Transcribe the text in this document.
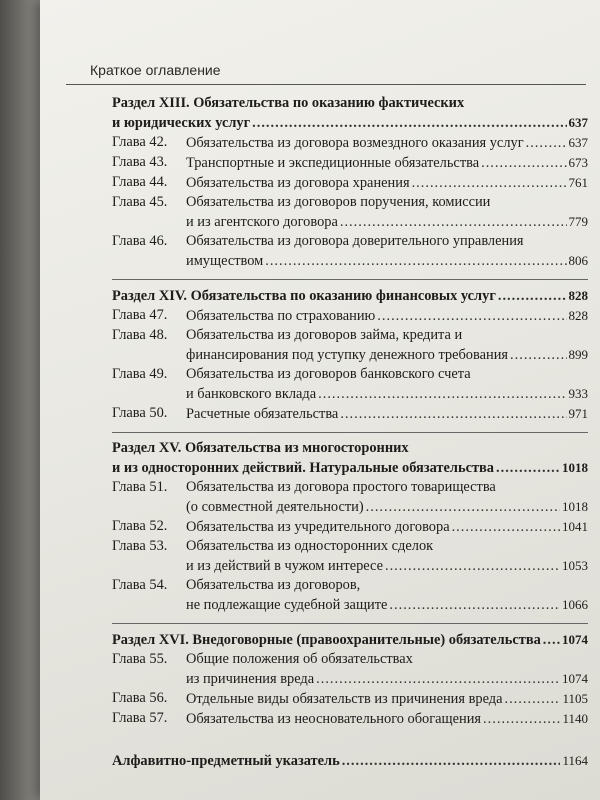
Краткое оглавление
Раздел XIII. Обязательства по оказанию фактических
и юридических услуг .....	637
Глава 42.	Обязательства из договора возмездного оказания услуг .....	637
Глава 43.	Транспортные и экспедиционные обязательства .....	673
Глава 44.	Обязательства из договора хранения .....	761
Глава 45.	Обязательства из договоров поручения, комиссии
и из агентского договора .....	779
Глава 46.	Обязательства из договора доверительного управления
имуществом .....	806
Раздел XIV. Обязательства по оказанию финансовых услуг .....	828
Глава 47.	Обязательства по страхованию .....	828
Глава 48.	Обязательства из договоров займа, кредита и
финансирования под уступку денежного требования .....	899
Глава 49.	Обязательства из договоров банковского счета
и банковского вклада .....	933
Глава 50.	Расчетные обязательства .....	971
Раздел XV. Обязательства из многосторонних
и из односторонних действий. Натуральные обязательства .....	1018
Глава 51.	Обязательства из договора простого товарищества
(о совместной деятельности) .....	1018
Глава 52.	Обязательства из учредительного договора .....	1041
Глава 53.	Обязательства из односторонних сделок
и из действий в чужом интересе .....	1053
Глава 54.	Обязательства из договоров,
не подлежащие судебной защите .....	1066
Раздел XVI. Внедоговорные (правоохранительные) обязательства ..... 1074
Глава 55.	Общие положения об обязательствах
из причинения вреда .....	1074
Глава 56.	Отдельные виды обязательств из причинения вреда .....	1105
Глава 57.	Обязательства из неосновательного обогащения .....	1140
Алфавитно-предметный указатель .....	1164
